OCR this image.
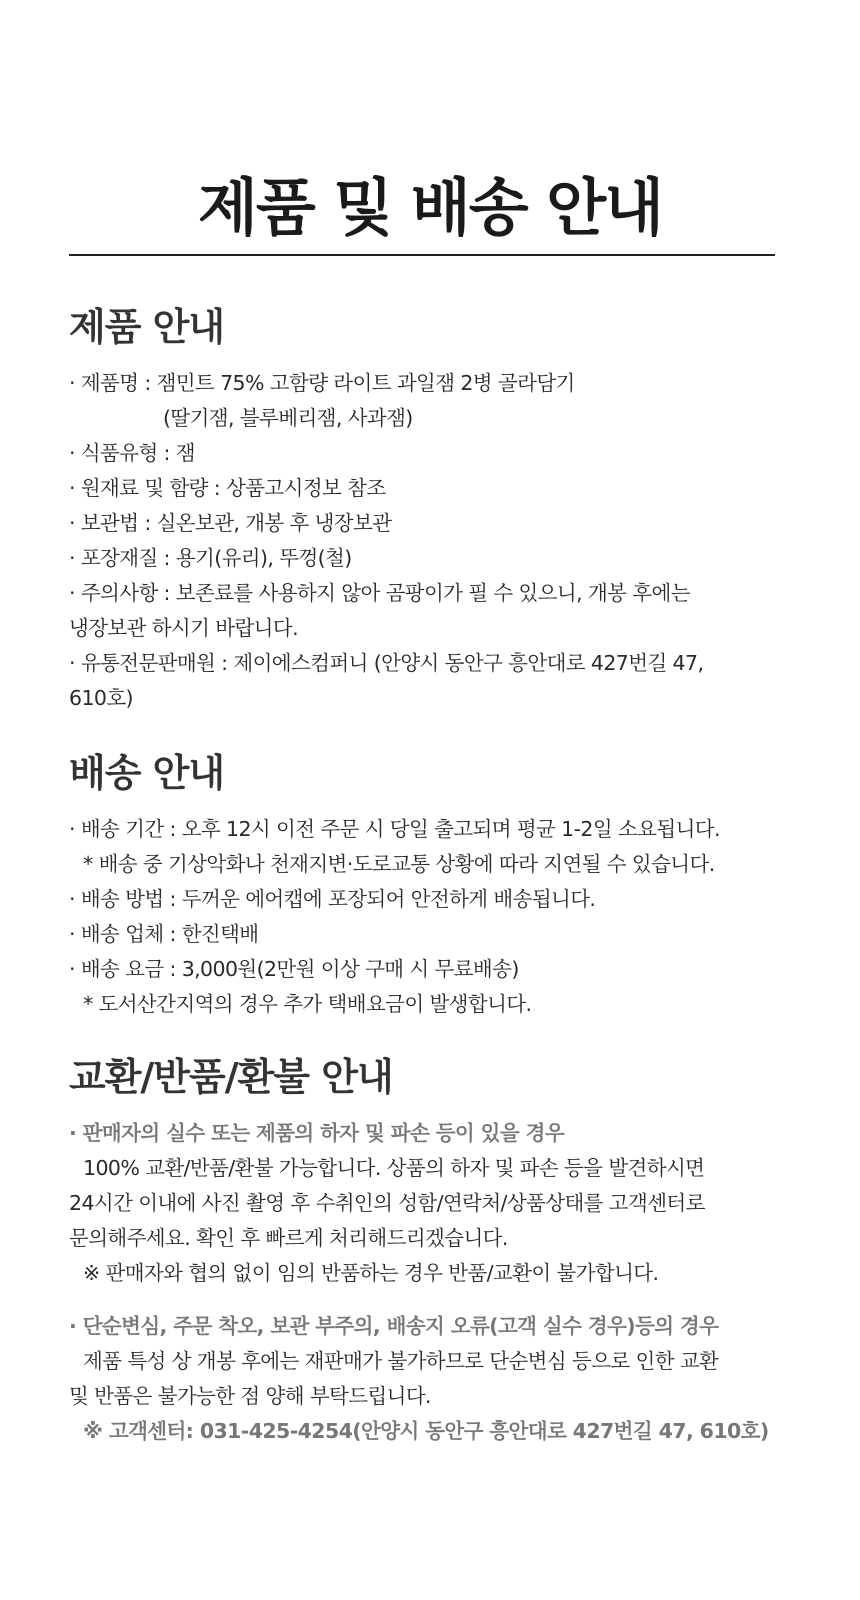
제품 및 배송 안내
제품 안내

· 제품명 : 잼민트 75% 고함량 라이트 과일잼 2병 골라담기

(딸기잼, 블루베리잼, 사과잼)

· 식품유형 : 잼

· 원재료 및 함량 : 상품고시정보 참조

· 보관법 : 실온보관, 개봉 후 냉장보관

· 포장재질 : 용기(유리), 뚜껑(철)

· 주의사항 : 보존료를 사용하지 않아 곰팡이가 필 수 있으니, 개봉 후에는

냉장보관 하시기 바랍니다.

· 유통전문판매원 : 제이에스컴퍼니 (안양시 동안구 흥안대로 427번길 47,

610호)

배송 안내

· 배송 기간 : 오후 12시 이전 주문 시 당일 출고되며 평균 1-2일 소요됩니다.

* 배송 중 기상악화나 천재지변·도로교통 상황에 따라 지연될 수 있습니다.

· 배송 방법 : 두꺼운 에어캡에 포장되어 안전하게 배송됩니다.

· 배송 업체 : 한진택배

· 배송 요금 : 3,000원(2만원 이상 구매 시 무료배송)

* 도서산간지역의 경우 추가 택배요금이 발생합니다.

교환/반품/환불 안내

· 판매자의 실수 또는 제품의 하자 및 파손 등이 있을 경우

100% 교환/반품/환불 가능합니다. 상품의 하자 및 파손 등을 발견하시면

24시간 이내에 사진 촬영 후 수취인의 성함/연락처/상품상태를 고객센터로

문의해주세요. 확인 후 빠르게 처리해드리겠습니다.

※ 판매자와 협의 없이 임의 반품하는 경우 반품/교환이 불가합니다.

· 단순변심, 주문 착오, 보관 부주의, 배송지 오류(고객 실수 경우)등의 경우

제품 특성 상 개봉 후에는 재판매가 불가하므로 단순변심 등으로 인한 교환

및 반품은 불가능한 점 양해 부탁드립니다.

※ 고객센터: 031-425-4254(안양시 동안구 흥안대로 427번길 47, 610호)
